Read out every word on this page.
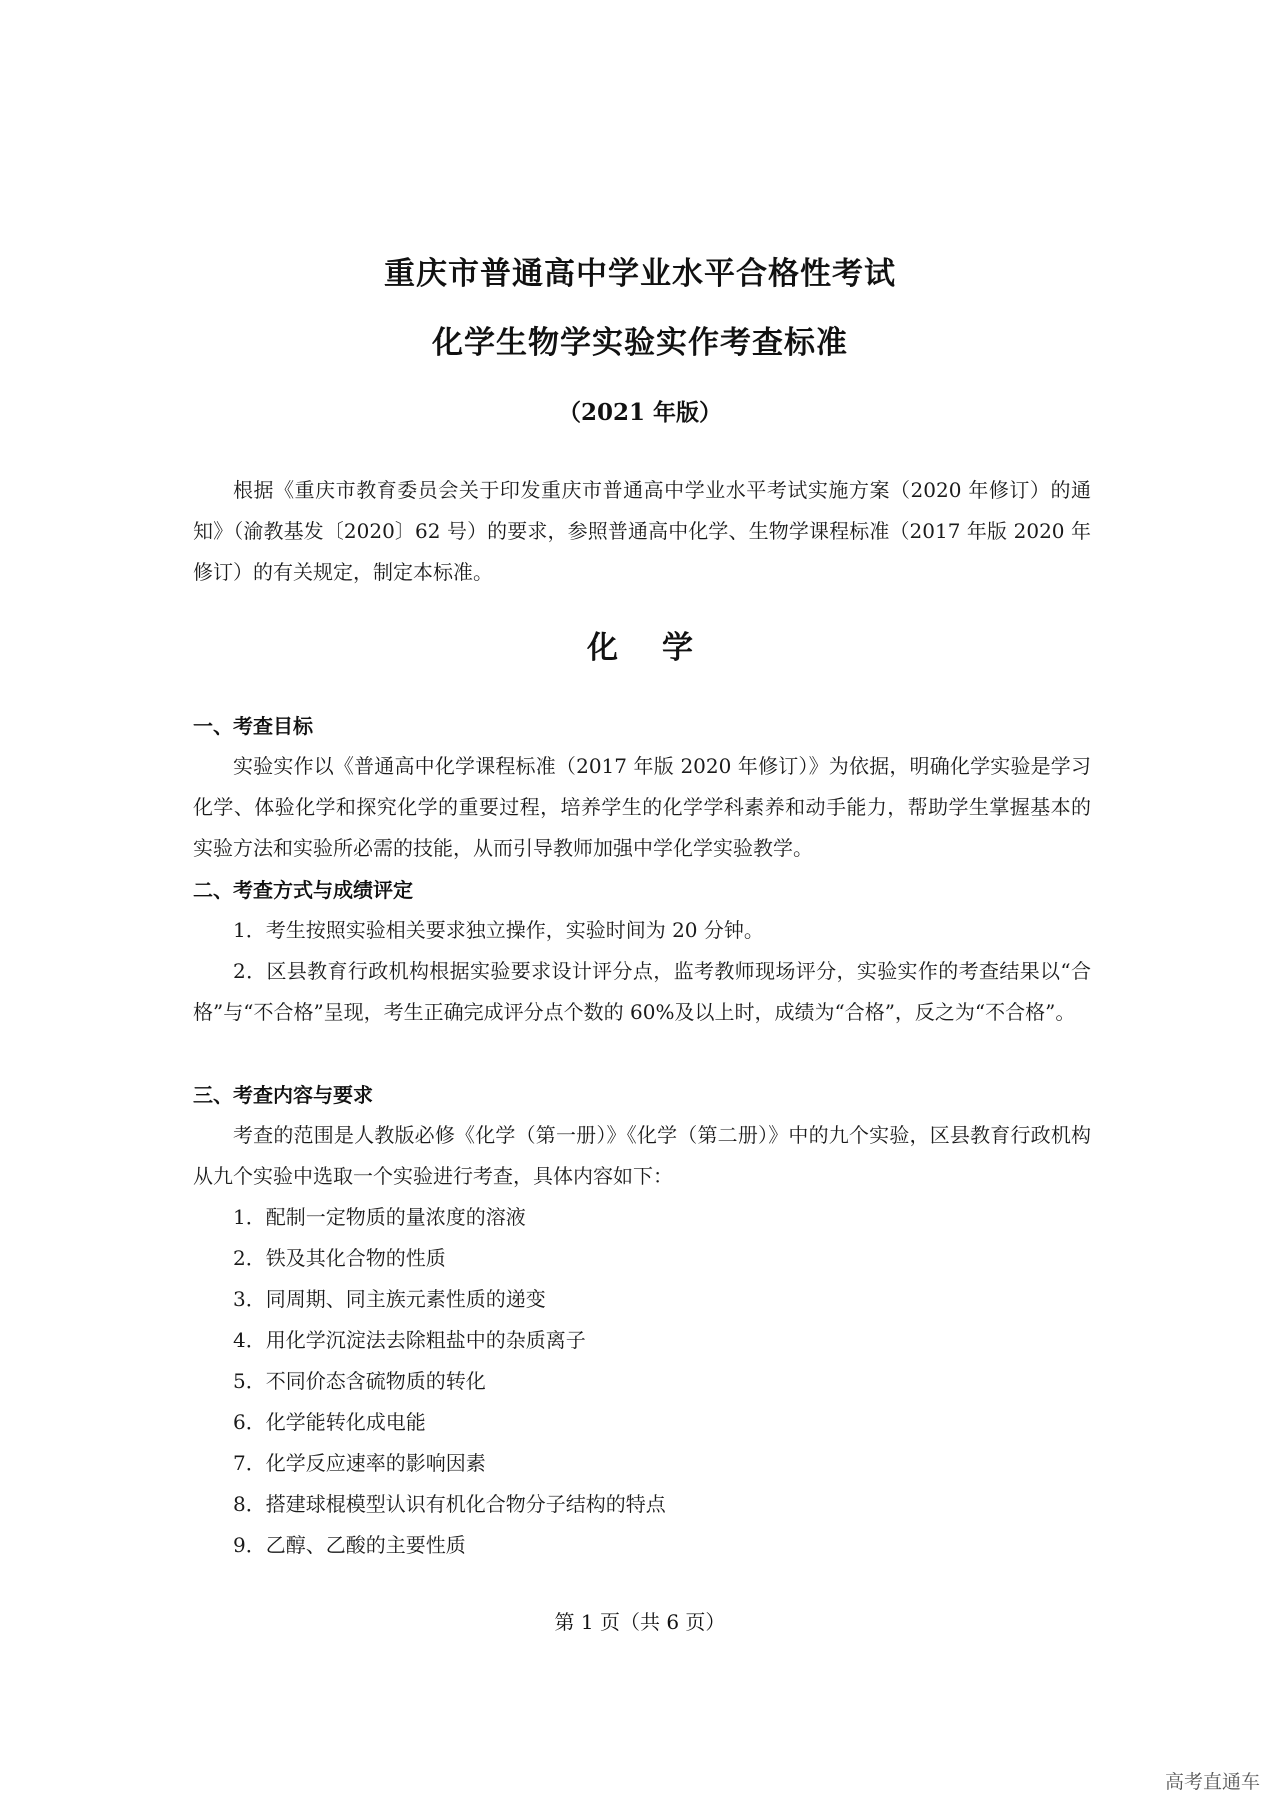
重庆市普通高中学业水平合格性考试
化学生物学实验实作考查标准
（2021 年版）

根据《重庆市教育委员会关于印发重庆市普通高中学业水平考试实施方案（2020 年修订）的通知》（渝教基发〔2020〕62 号）的要求，参照普通高中化学、生物学课程标准（2017 年版 2020 年修订）的有关规定，制定本标准。

化学
一、考查目标

实验实作以《普通高中化学课程标准（2017 年版 2020 年修订）》为依据，明确化学实验是学习化学、体验化学和探究化学的重要过程，培养学生的化学学科素养和动手能力，帮助学生掌握基本的实验方法和实验所必需的技能，从而引导教师加强中学化学实验教学。

二、考查方式与成绩评定

1．考生按照实验相关要求独立操作，实验时间为 20 分钟。

2．区县教育行政机构根据实验要求设计评分点，监考教师现场评分，实验实作的考查结果以“合格”与“不合格”呈现，考生正确完成评分点个数的 60%及以上时，成绩为“合格”，反之为“不合格”。

三、考查内容与要求

考查的范围是人教版必修《化学（第一册）》《化学（第二册）》中的九个实验，区县教育行政机构从九个实验中选取一个实验进行考查，具体内容如下：

1．配制一定物质的量浓度的溶液
2．铁及其化合物的性质
3．同周期、同主族元素性质的递变
4．用化学沉淀法去除粗盐中的杂质离子
5．不同价态含硫物质的转化
6．化学能转化成电能
7．化学反应速率的影响因素
8．搭建球棍模型认识有机化合物分子结构的特点
9．乙醇、乙酸的主要性质
第 1 页（共 6 页）
高考直通车
